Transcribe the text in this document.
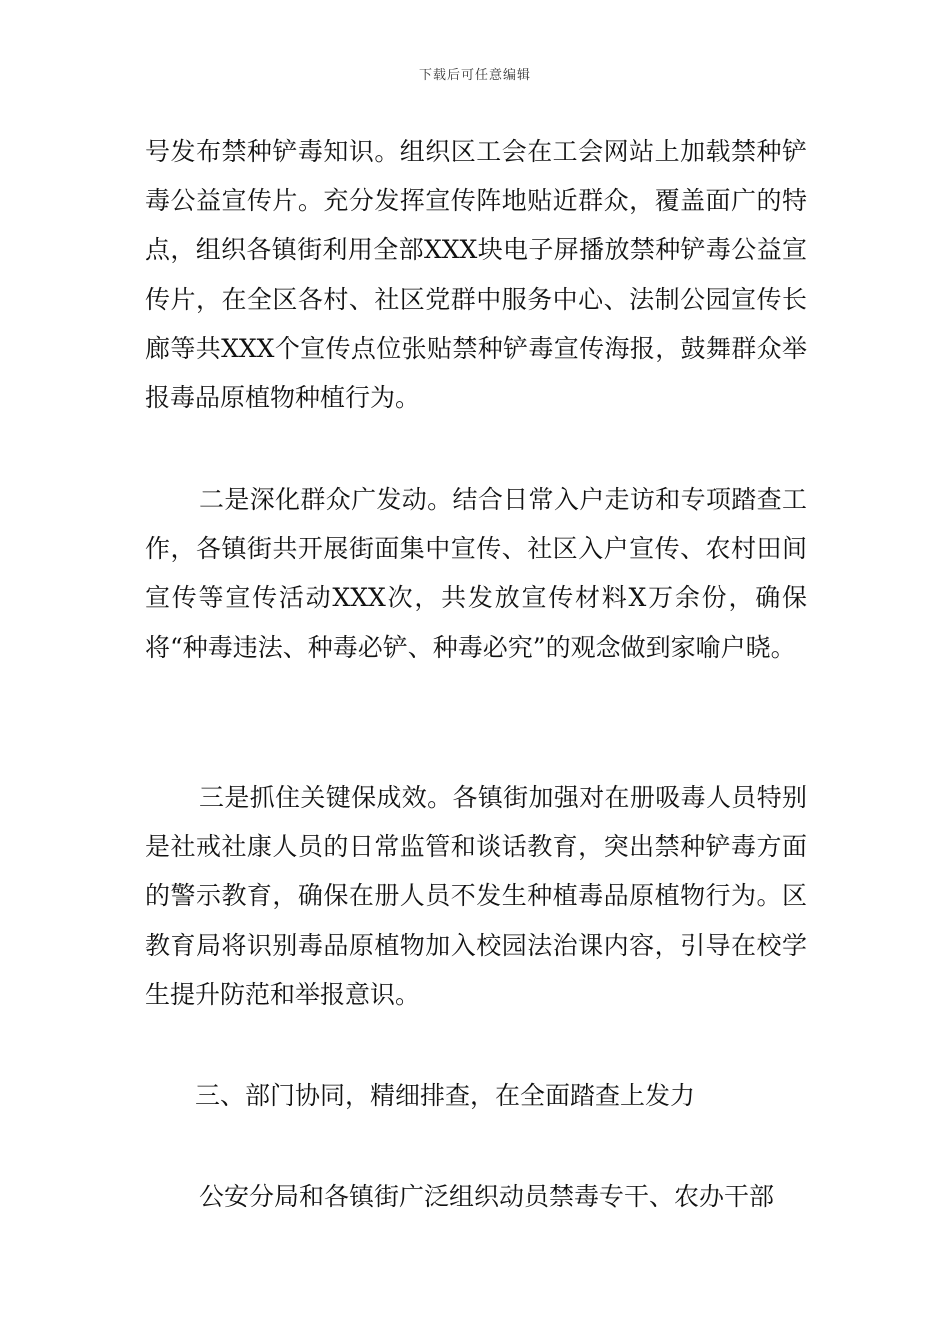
下载后可任意编辑

号发布禁种铲毒知识。组织区工会在工会网站上加载禁种铲毒公益宣传片。充分发挥宣传阵地贴近群众，覆盖面广的特点，组织各镇街利用全部XXX块电子屏播放禁种铲毒公益宣传片，在全区各村、社区党群中服务中心、法制公园宣传长廊等共XXX个宣传点位张贴禁种铲毒宣传海报，鼓舞群众举报毒品原植物种植行为。

二是深化群众广发动。结合日常入户走访和专项踏查工作，各镇街共开展街面集中宣传、社区入户宣传、农村田间宣传等宣传活动XXX次，共发放宣传材料X万余份，确保将“种毒违法、种毒必铲、种毒必究”的观念做到家喻户晓。

三是抓住关键保成效。各镇街加强对在册吸毒人员特别是社戒社康人员的日常监管和谈话教育，突出禁种铲毒方面的警示教育，确保在册人员不发生种植毒品原植物行为。区教育局将识别毒品原植物加入校园法治课内容，引导在校学生提升防范和举报意识。

三、部门协同，精细排查，在全面踏查上发力

公安分局和各镇街广泛组织动员禁毒专干、农办干部
